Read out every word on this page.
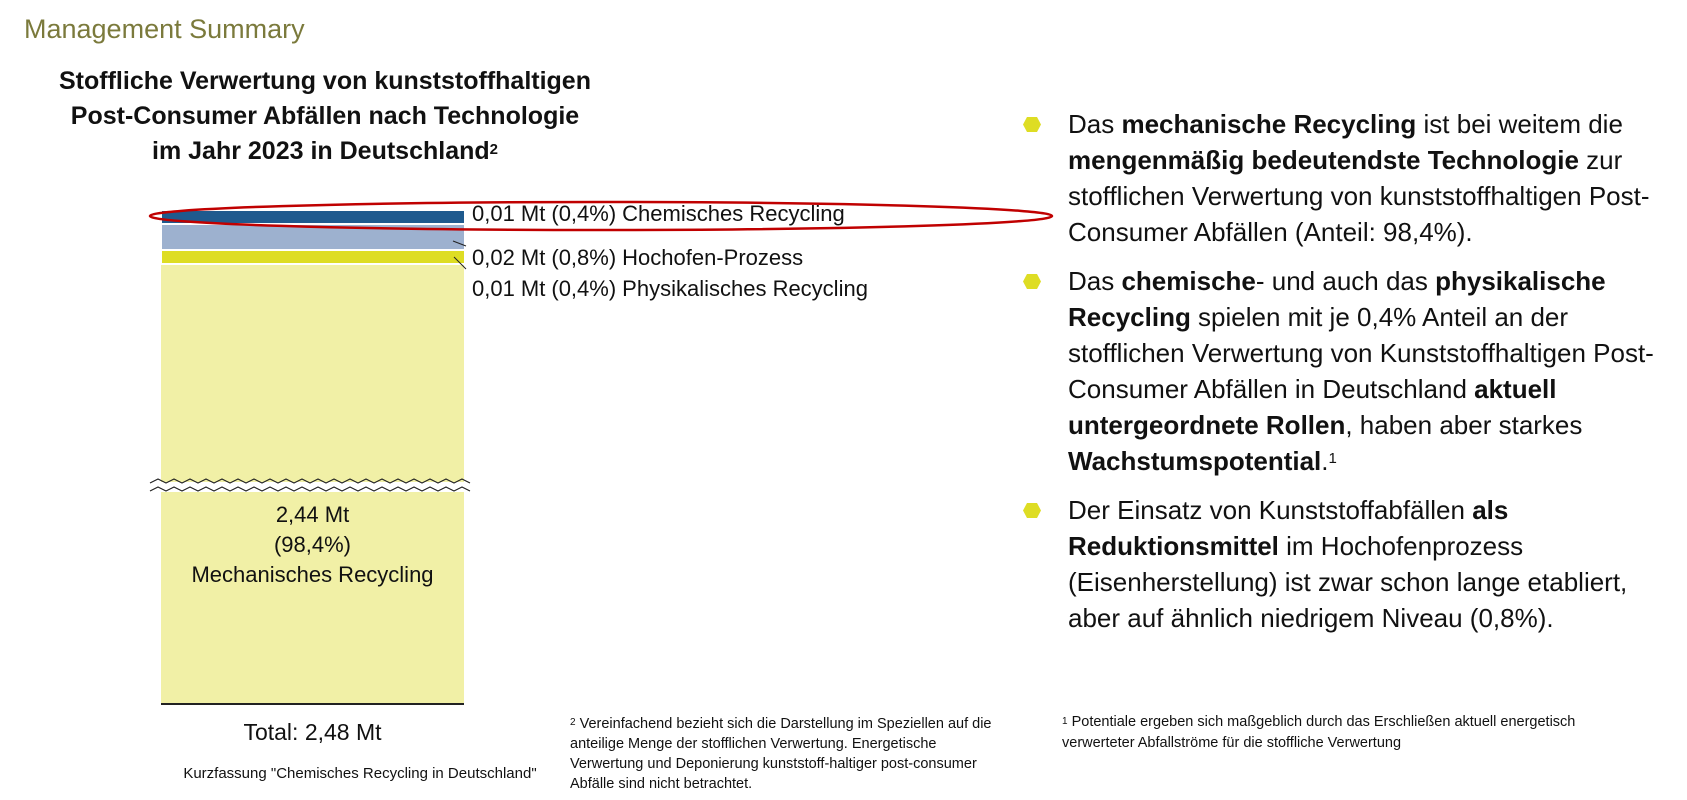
Management Summary
Stoffliche Verwertung von kunststoffhaltigen
Post-Consumer Abfällen nach Technologie
im Jahr 2023 in Deutschland$^2$
0,01 Mt (0,4%) Chemisches Recycling
0,02 Mt (0,8%) Hochofen-Prozess
0,01 Mt (0,4%) Physikalisches Recycling
2,44 Mt
(98,4%)
Mechanisches Recycling
Total: 2,48 Mt
Kurzfassung "Chemisches Recycling in Deutschland"
$^2$ Vereinfachend bezieht sich die Darstellung im Speziellen auf die anteilige Menge der stofflichen Verwertung. Energetische Verwertung und Deponierung kunststoff-haltiger post-consumer Abfälle sind nicht betrachtet.
Das mechanische Recycling ist bei weitem die mengenmäßig bedeutendste Technologie zur stofflichen Verwertung von kunststoffhaltigen Post-Consumer Abfällen (Anteil: 98,4%).
Das chemische- und auch das physikalische Recycling spielen mit je 0,4% Anteil an der stofflichen Verwertung von Kunststoffhaltigen Post-Consumer Abfällen in Deutschland aktuell untergeordnete Rollen, haben aber starkes Wachstumspotential.$^1$
Der Einsatz von Kunststoffabfällen als Reduktionsmittel im Hochofenprozess (Eisenherstellung) ist zwar schon lange etabliert, aber auf ähnlich niedrigem Niveau (0,8%).
$^1$ Potentiale ergeben sich maßgeblich durch das Erschließen aktuell energetisch verwerteter Abfallströme für die stoffliche Verwertung
